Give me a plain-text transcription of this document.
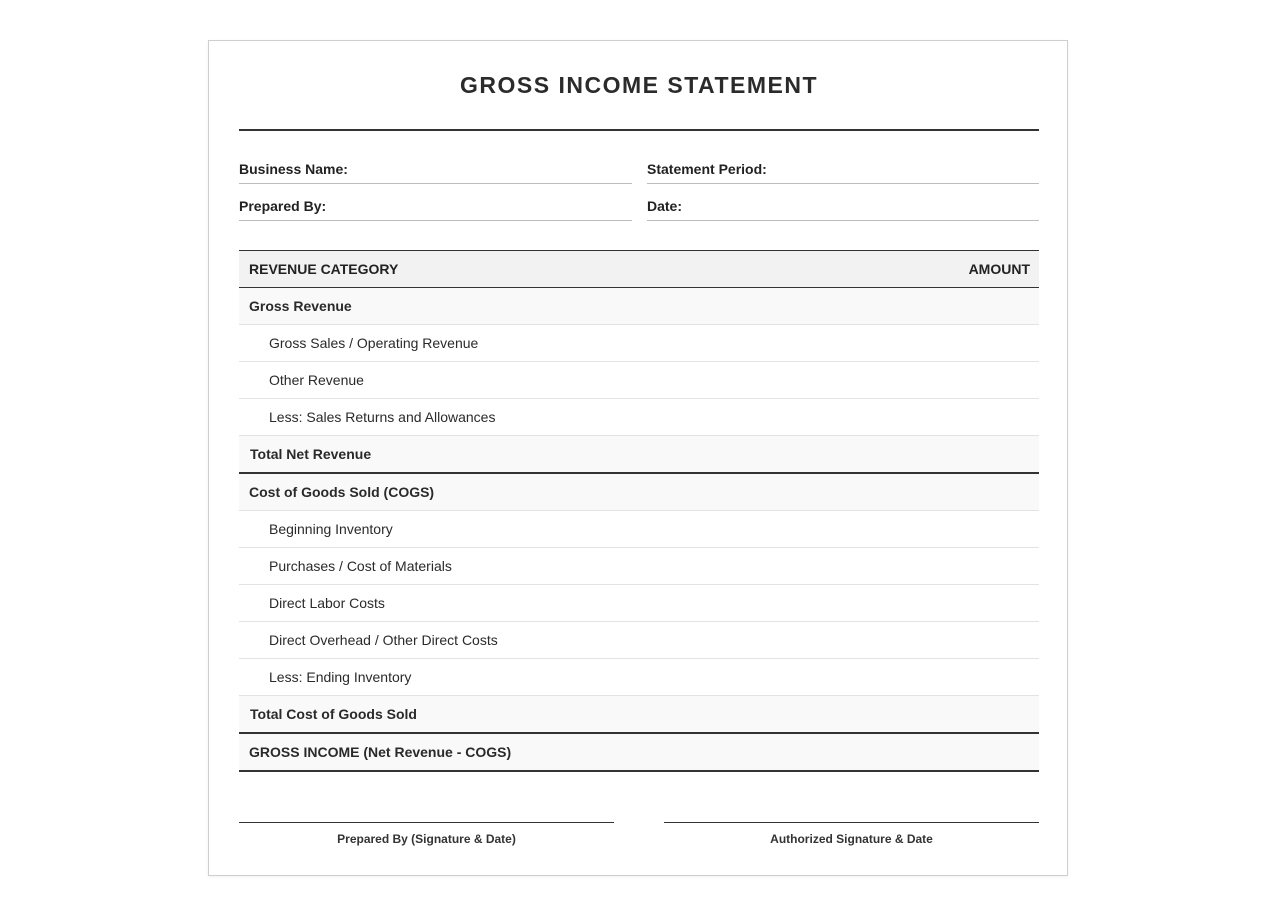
GROSS INCOME STATEMENT
Business Name:	Statement Period:
Prepared By:	Date:
REVENUE CATEGORY	AMOUNT
Gross Revenue
Gross Sales / Operating Revenue
Other Revenue
Less: Sales Returns and Allowances
Total Net Revenue
Cost of Goods Sold (COGS)
Beginning Inventory
Purchases / Cost of Materials
Direct Labor Costs
Direct Overhead / Other Direct Costs
Less: Ending Inventory
Total Cost of Goods Sold
GROSS INCOME (Net Revenue - COGS)
Prepared By (Signature & Date)	Authorized Signature & Date
